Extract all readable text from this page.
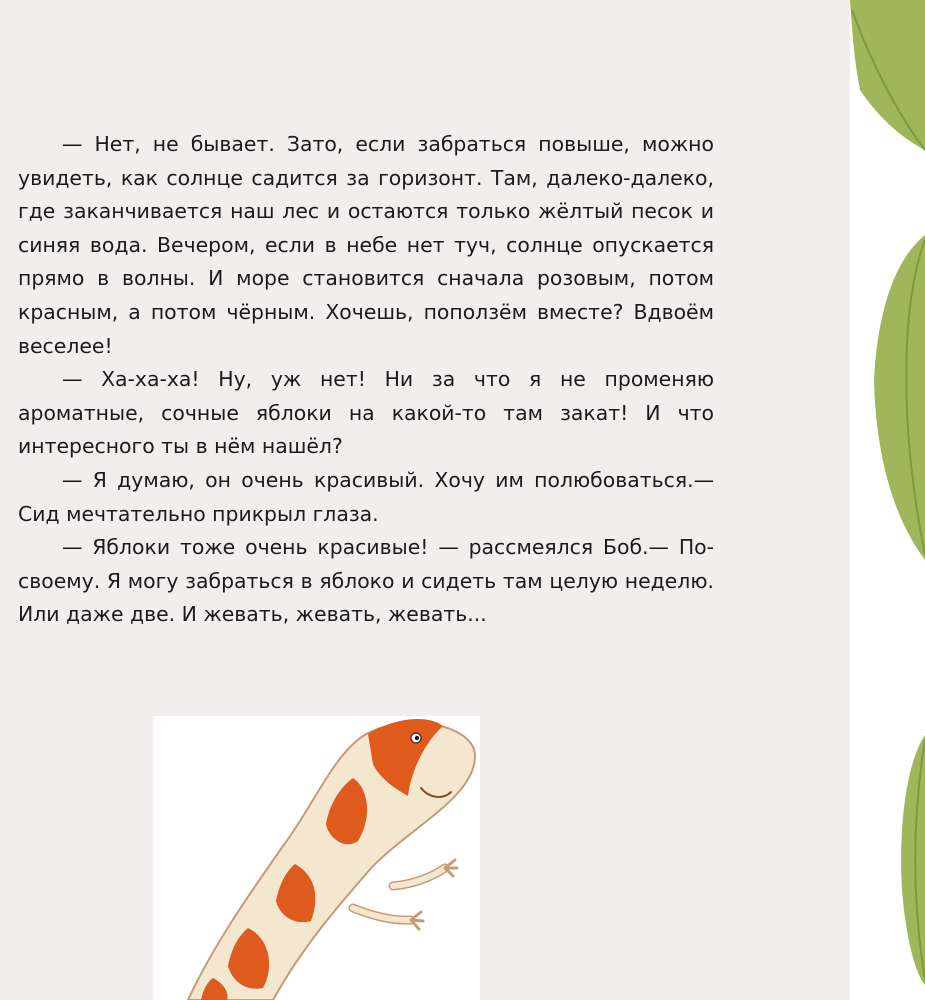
— Нет, не бывает. Зато, если забраться повыше, можно увидеть, как солнце садится за горизонт. Там, далеко-далеко, где заканчивается наш лес и остаются только жёлтый песок и синяя вода. Вечером, если в небе нет туч, солнце опускается прямо в волны. И море становится сначала розовым, потом красным, а потом чёрным. Хочешь, поползём вместе? Вдвоём веселее!

— Ха-ха-ха! Ну, уж нет! Ни за что я не променяю ароматные, сочные яблоки на какой-то там закат! И что интересного ты в нём нашёл?

— Я думаю, он очень красивый. Хочу им полюбоваться.— Сид мечтательно прикрыл глаза.

— Яблоки тоже очень красивые! — рассмеялся Боб.— По-своему. Я могу забраться в яблоко и сидеть там целую неделю. Или даже две. И жевать, жевать, жевать...
